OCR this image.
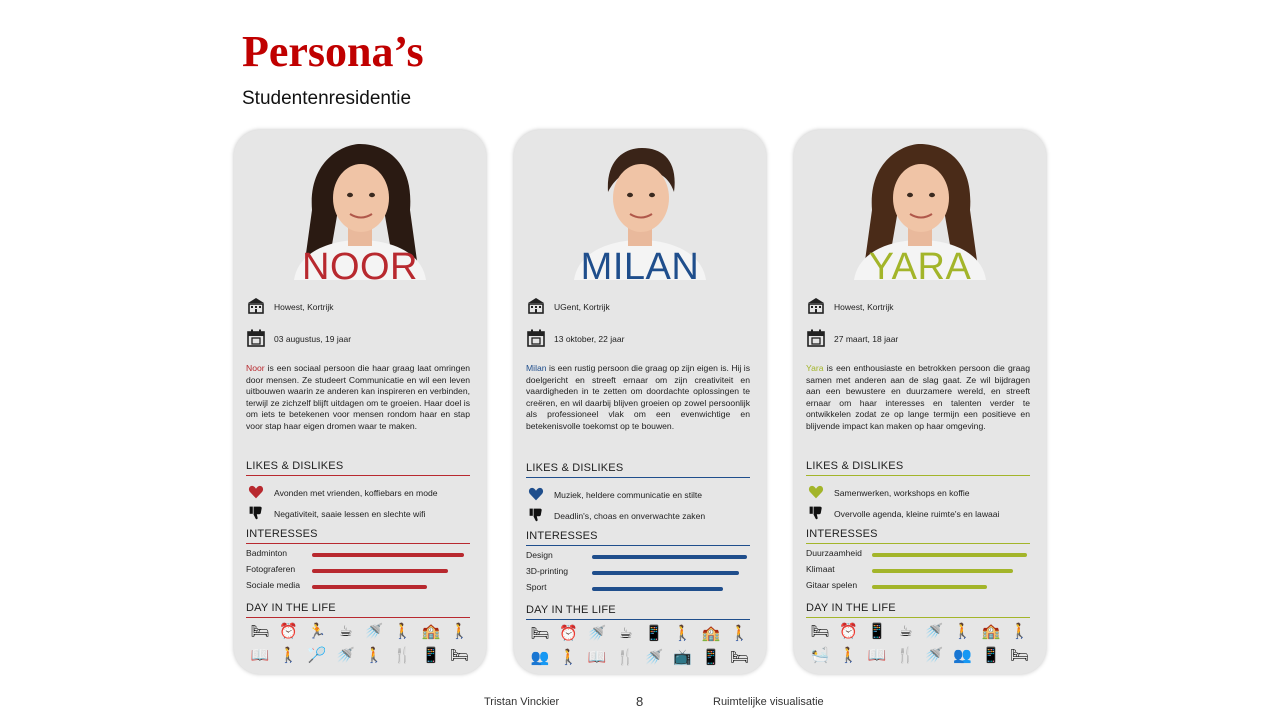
Persona’s
Studentenresidentie
NOOR
Howest, Kortrijk
03 augustus, 19 jaar
Noor is een sociaal persoon die haar graag laat omringen door mensen. Ze studeert Communicatie en wil een leven uitbouwen waarin ze anderen kan inspireren en verbinden, terwijl ze zichzelf blijft uitdagen om te groeien. Haar doel is om iets te betekenen voor mensen rondom haar en stap voor stap haar eigen dromen waar te maken.
LIKES & DISLIKES
Avonden met vrienden, koffiebars en mode
Negativiteit, saaie lessen en slechte wifi
INTERESSES
Badminton
Fotograferen
Sociale media
DAY IN THE LIFE
🛏 ⏰ 🏃 ☕ 🚿 🚶 🏫 🚶
📖 🚶 🏸 🚿 🚶 🍴 📱 🛏
MILAN
UGent, Kortrijk
13 oktober, 22 jaar
Milan is een rustig persoon die graag op zijn eigen is. Hij is doelgericht en streeft ernaar om zijn creativiteit en vaardigheden in te zetten om doordachte oplossingen te creëren, en wil daarbij blijven groeien op zowel persoonlijk als professioneel vlak om een evenwichtige en betekenisvolle toekomst op te bouwen.
LIKES & DISLIKES
Muziek, heldere communicatie en stilte
Deadlin's, choas en onverwachte zaken
INTERESSES
Design
3D-printing
Sport
DAY IN THE LIFE
🛏 ⏰ 🚿 ☕ 📱 🚶 🏫 🚶
👥 🚶 📖 🍴 🚿 📺 📱 🛏
YARA
Howest, Kortrijk
27 maart, 18 jaar
Yara is een enthousiaste en betrokken persoon die graag samen met anderen aan de slag gaat. Ze wil bijdragen aan een bewustere en duurzamere wereld, en streeft ernaar om haar interesses en talenten verder te ontwikkelen zodat ze op lange termijn een positieve en blijvende impact kan maken op haar omgeving.
LIKES & DISLIKES
Samenwerken, workshops en koffie
Overvolle agenda, kleine ruimte's en lawaai
INTERESSES
Duurzaamheid
Klimaat
Gitaar spelen
DAY IN THE LIFE
🛏 ⏰ 📱 ☕ 🚿 🚶 🏫 🚶
🛀 🚶 📖 🍴 🚿 👥 📱 🛏
Tristan Vinckier	8	Ruimtelijke visualisatie
